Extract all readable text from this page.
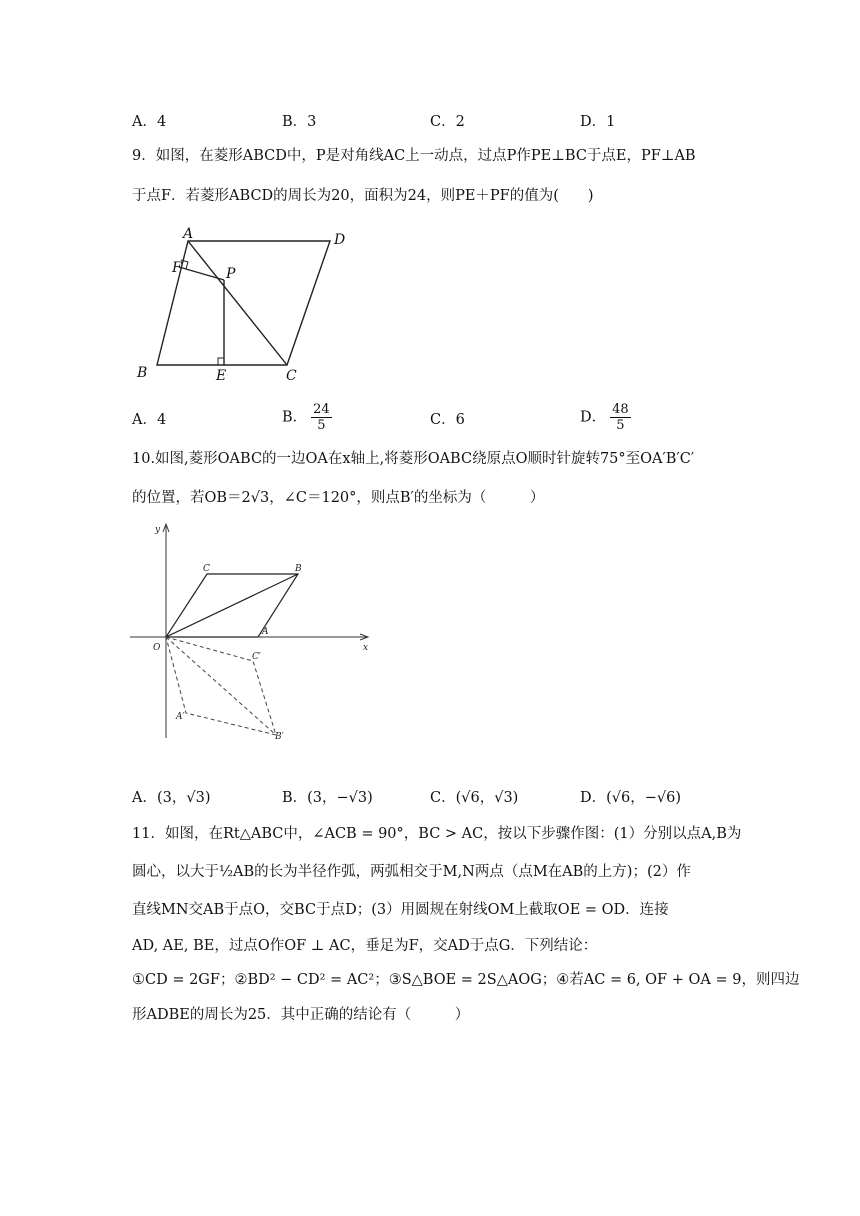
A．4	B．3	C．2	D．1
9．如图，在菱形ABCD中，P是对角线AC上一动点，过点P作PE⊥BC于点E，PF⊥AB
于点F．若菱形ABCD的周长为20，面积为24，则PE＋PF的值为(　　)
A	D
B	C
E
F	P
A．4	B． $\frac{24}{5}$	C．6	D． $\frac{48}{5}$
10.如图,菱形OABC的一边OA在x轴上,将菱形OABC绕原点O顺时针旋转75°至OA′B′C′
的位置，若OB＝2√3，∠C＝120°，则点B′的坐标为（　　　）
y
x
O
A
B
C
A′
B′
C′
A．(3，√3)	B．(3，−√3)	C．(√6，√3)	D．(√6，−√6)
11．如图，在Rt△ABC中，∠ACB = 90°，BC > AC，按以下步骤作图：(1）分别以点A,B为
圆心，以大于½AB的长为半径作弧，两弧相交于M,N两点（点M在AB的上方)；(2）作
直线MN交AB于点O，交BC于点D；(3）用圆规在射线OM上截取OE = OD．连接
AD, AE, BE，过点O作OF ⊥ AC，垂足为F，交AD于点G．下列结论：
①CD = 2GF；②BD² − CD² = AC²；③S△BOE = 2S△AOG；④若AC = 6, OF + OA = 9，则四边
形ADBE的周长为25．其中正确的结论有（　　　）
